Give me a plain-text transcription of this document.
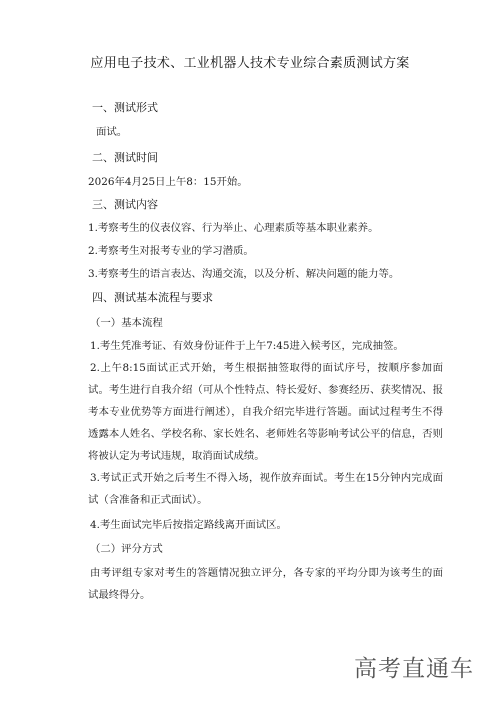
应用电子技术、工业机器人技术专业综合素质测试方案
一、测试形式
面试。
二、测试时间
2026年4月25日上午8：15开始。
三、测试内容
1.考察考生的仪表仪容、行为举止、心理素质等基本职业素养。
2.考察考生对报考专业的学习潜质。
3.考察考生的语言表达、沟通交流，以及分析、解决问题的能力等。
四、测试基本流程与要求
（一）基本流程
1.考生凭准考证、有效身份证件于上午7:45进入候考区，完成抽签。
2.上午8:15面试正式开始，考生根据抽签取得的面试序号，按顺序参加面试。考生进行自我介绍（可从个性特点、特长爱好、参赛经历、获奖情况、报考本专业优势等方面进行阐述），自我介绍完毕进行答题。面试过程考生不得透露本人姓名、学校名称、家长姓名、老师姓名等影响考试公平的信息，否则将被认定为考试违规，取消面试成绩。
3.考试正式开始之后考生不得入场，视作放弃面试。考生在15分钟内完成面试（含准备和正式面试）。
4.考生面试完毕后按指定路线离开面试区。
（二）评分方式
由考评组专家对考生的答题情况独立评分，各专家的平均分即为该考生的面试最终得分。
高考直通车
